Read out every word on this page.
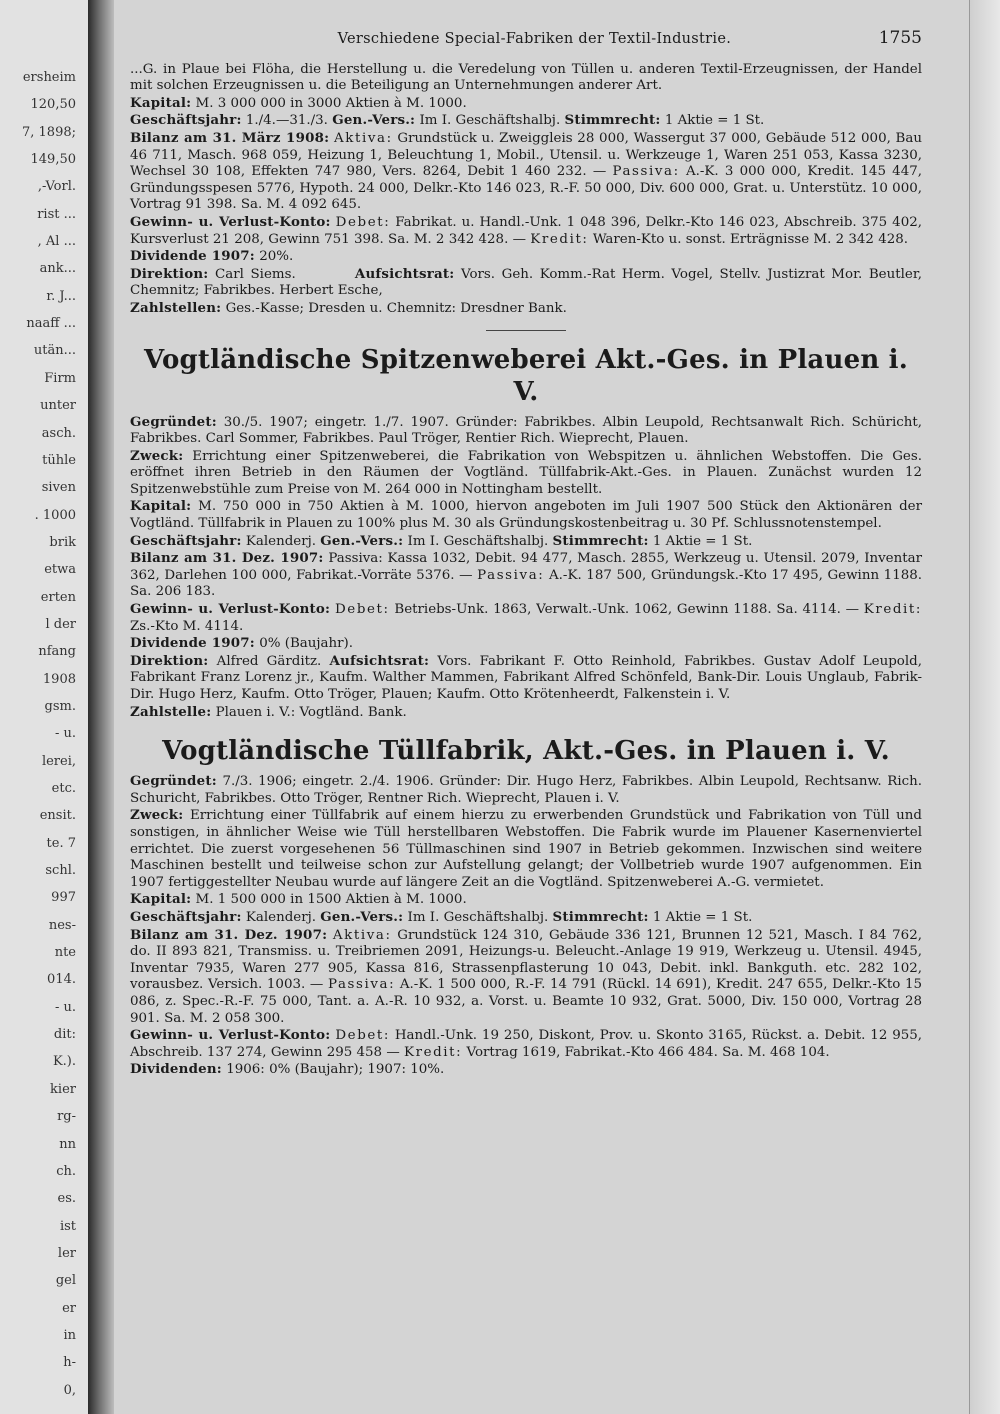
ersheim
120,50
7, 1898;
149,50
,-Vorl.
rist ...
, Al ...
ank...
r. J...
naaff ...
utän...
Firm
unter
asch.
tühle
siven
. 1000
brik
etwa
erten
l der
nfang
1908
gsm.
- u.
lerei,
etc.
ensit.
te. 7
schl.
997
nes-
nte
014.
- u.
dit:
K.).
kier
rg-
nn
ch.
es.
ist
ler
gel
er
in
h-
0,
Verschiedene Special-Fabriken der Textil-Industrie.	1755

...G. in Plaue bei Flöha, die Herstellung u. die Veredelung von Tüllen u. anderen Textil-Erzeugnissen, der Handel mit solchen Erzeugnissen u. die Beteiligung an Unternehmungen anderer Art.

Kapital: M. 3 000 000 in 3000 Aktien à M. 1000.

Geschäftsjahr: 1./4.—31./3. Gen.-Vers.: Im I. Geschäftshalbj. Stimmrecht: 1 Aktie = 1 St.

Bilanz am 31. März 1908: Aktiva: Grundstück u. Zweiggleis 28 000, Wassergut 37 000, Gebäude 512 000, Bau 46 711, Masch. 968 059, Heizung 1, Beleuchtung 1, Mobil., Utensil. u. Werkzeuge 1, Waren 251 053, Kassa 3230, Wechsel 30 108, Effekten 747 980, Vers. 8264, Debit 1 460 232. — Passiva: A.-K. 3 000 000, Kredit. 145 447, Gründungsspesen 5776, Hypoth. 24 000, Delkr.-Kto 146 023, R.-F. 50 000, Div. 600 000, Grat. u. Unterstütz. 10 000, Vortrag 91 398. Sa. M. 4 092 645.

Gewinn- u. Verlust-Konto: Debet: Fabrikat. u. Handl.-Unk. 1 048 396, Delkr.-Kto 146 023, Abschreib. 375 402, Kursverlust 21 208, Gewinn 751 398. Sa. M. 2 342 428. — Kredit: Waren-Kto u. sonst. Erträgnisse M. 2 342 428.

Dividende 1907: 20%.

Direktion: Carl Siems.	Aufsichtsrat: Vors. Geh. Komm.-Rat Herm. Vogel, Stellv. Justizrat Mor. Beutler, Chemnitz; Fabrikbes. Herbert Esche,

Zahlstellen: Ges.-Kasse; Dresden u. Chemnitz: Dresdner Bank.

Vogtländische Spitzenweberei Akt.-Ges. in Plauen i. V.

Gegründet: 30./5. 1907; eingetr. 1./7. 1907. Gründer: Fabrikbes. Albin Leupold, Rechtsanwalt Rich. Schüricht, Fabrikbes. Carl Sommer, Fabrikbes. Paul Tröger, Rentier Rich. Wieprecht, Plauen.

Zweck: Errichtung einer Spitzenweberei, die Fabrikation von Webspitzen u. ähnlichen Webstoffen. Die Ges. eröffnet ihren Betrieb in den Räumen der Vogtländ. Tüllfabrik-Akt.-Ges. in Plauen. Zunächst wurden 12 Spitzenwebstühle zum Preise von M. 264 000 in Nottingham bestellt.

Kapital: M. 750 000 in 750 Aktien à M. 1000, hiervon angeboten im Juli 1907 500 Stück den Aktionären der Vogtländ. Tüllfabrik in Plauen zu 100% plus M. 30 als Gründungskostenbeitrag u. 30 Pf. Schlussnotenstempel.

Geschäftsjahr: Kalenderj. Gen.-Vers.: Im I. Geschäftshalbj. Stimmrecht: 1 Aktie = 1 St.

Bilanz am 31. Dez. 1907: Passiva: Kassa 1032, Debit. 94 477, Masch. 2855, Werkzeug u. Utensil. 2079, Inventar 362, Darlehen 100 000, Fabrikat.-Vorräte 5376. — Passiva: A.-K. 187 500, Gründungsk.-Kto 17 495, Gewinn 1188. Sa. 206 183.

Gewinn- u. Verlust-Konto: Debet: Betriebs-Unk. 1863, Verwalt.-Unk. 1062, Gewinn 1188. Sa. 4114. — Kredit: Zs.-Kto M. 4114.

Dividende 1907: 0% (Baujahr).

Direktion: Alfred Gärditz. Aufsichtsrat: Vors. Fabrikant F. Otto Reinhold, Fabrikbes. Gustav Adolf Leupold, Fabrikant Franz Lorenz jr., Kaufm. Walther Mammen, Fabrikant Alfred Schönfeld, Bank-Dir. Louis Unglaub, Fabrik-Dir. Hugo Herz, Kaufm. Otto Tröger, Plauen; Kaufm. Otto Krötenheerdt, Falkenstein i. V.

Zahlstelle: Plauen i. V.: Vogtländ. Bank.

Vogtländische Tüllfabrik, Akt.-Ges. in Plauen i. V.

Gegründet: 7./3. 1906; eingetr. 2./4. 1906. Gründer: Dir. Hugo Herz, Fabrikbes. Albin Leupold, Rechtsanw. Rich. Schuricht, Fabrikbes. Otto Tröger, Rentner Rich. Wieprecht, Plauen i. V.

Zweck: Errichtung einer Tüllfabrik auf einem hierzu zu erwerbenden Grundstück und Fabrikation von Tüll und sonstigen, in ähnlicher Weise wie Tüll herstellbaren Webstoffen. Die Fabrik wurde im Plauener Kasernenviertel errichtet. Die zuerst vorgesehenen 56 Tüllmaschinen sind 1907 in Betrieb gekommen. Inzwischen sind weitere Maschinen bestellt und teilweise schon zur Aufstellung gelangt; der Vollbetrieb wurde 1907 aufgenommen. Ein 1907 fertiggestellter Neubau wurde auf längere Zeit an die Vogtländ. Spitzenweberei A.-G. vermietet.

Kapital: M. 1 500 000 in 1500 Aktien à M. 1000.

Geschäftsjahr: Kalenderj. Gen.-Vers.: Im I. Geschäftshalbj. Stimmrecht: 1 Aktie = 1 St.

Bilanz am 31. Dez. 1907: Aktiva: Grundstück 124 310, Gebäude 336 121, Brunnen 12 521, Masch. I 84 762, do. II 893 821, Transmiss. u. Treibriemen 2091, Heizungs-u. Beleucht.-Anlage 19 919, Werkzeug u. Utensil. 4945, Inventar 7935, Waren 277 905, Kassa 816, Strassenpflasterung 10 043, Debit. inkl. Bankguth. etc. 282 102, vorausbez. Versich. 1003. — Passiva: A.-K. 1 500 000, R.-F. 14 791 (Rückl. 14 691), Kredit. 247 655, Delkr.-Kto 15 086, z. Spec.-R.-F. 75 000, Tant. a. A.-R. 10 932, a. Vorst. u. Beamte 10 932, Grat. 5000, Div. 150 000, Vortrag 28 901. Sa. M. 2 058 300.

Gewinn- u. Verlust-Konto: Debet: Handl.-Unk. 19 250, Diskont, Prov. u. Skonto 3165, Rückst. a. Debit. 12 955, Abschreib. 137 274, Gewinn 295 458 — Kredit: Vortrag 1619, Fabrikat.-Kto 466 484. Sa. M. 468 104.

Dividenden: 1906: 0% (Baujahr); 1907: 10%.
